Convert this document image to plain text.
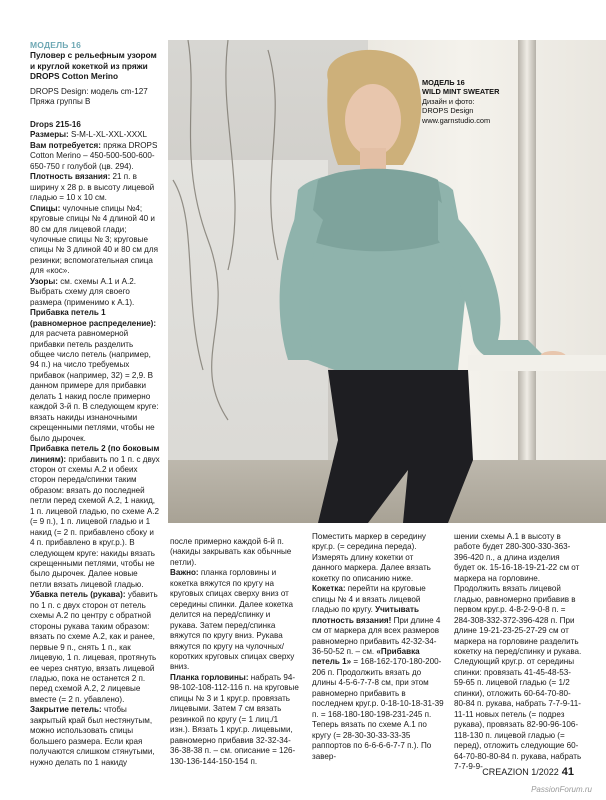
МОДЕЛЬ 16
Пуловер с рельефным узором
и круглой кокеткой из пряжи
DROPS Cotton Merino
DROPS Design: модель cm-127
Пряжа группы B
МОДЕЛЬ 16
WILD MINT SWEATER
Дизайн и фото:
DROPS Design
www.garnstudio.com
Drops 215-16
Размеры: S-M-L-XL-XXL-XXXL
Вам потребуется: пряжа DROPS Cotton Merino – 450-500-500-600-650-750 г голубой (цв. 294).
Плотность вязания: 21 п. в ширину x 28 р. в высоту лицевой гладью = 10 x 10 см.
Спицы: чулочные спицы №4; круговые спицы № 4 длиной 40 и 80 см для лицевой глади; чулочные спицы № 3; круговые спицы № 3 длиной 40 и 80 см для резинки; вспомогательная спица для «кос».
Узоры: см. схемы A.1 и A.2. Выбрать схему для своего размера (применимо к A.1).
Прибавка петель 1 (равномерное распределение): для расчета равномерной прибавки петель разделить общее число петель (например, 94 п.) на число требуемых прибавок (например, 32) = 2,9. В данном примере для прибавки делать 1 накид после примерно каждой 3-й п. В следующем круге: вязать накиды изнаночными скрещенными петлями, чтобы не было дырочек.
Прибавка петель 2 (по боковым линиям): прибавить по 1 п. с двух сторон от схемы A.2 и обеих сторон переда/спинки таким образом: вязать до последней петли перед схемой A.2, 1 накид, 1 п. лицевой гладью, по схеме A.2 (= 9 п.), 1 п. лицевой гладью и 1 накид (= 2 п. прибавлено сбоку и 4 п. прибавлено в круг.р.). В следующем круге: накиды вязать скрещенными петлями, чтобы не было дырочек. Далее новые петли вязать лицевой гладью.
Убавка петель (рукава): убавить по 1 п. с двух сторон от петель схемы A.2 по центру с обратной стороны рукава таким образом: вязать по схеме A.2, как и ранее, первые 9 п., снять 1 п., как лицевую, 1 п. лицевая, протянуть ее через снятую, вязать лицевой гладью, пока не останется 2 п. перед схемой A.2, 2 лицевые вместе (= 2 п. убавлено).
Закрытие петель: чтобы закрытый край был нестянутым, можно использовать спицы большего размера. Если края получаются слишком стянутыми, нужно делать по 1 накиду
после примерно каждой 6-й п. (накиды закрывать как обычные петли).
Важно: планка горловины и кокетка вяжутся по кругу на круговых спицах сверху вниз от середины спинки. Далее кокетка делится на перед/спинку и рукава. Затем перед/спинка вяжутся по кругу вниз. Рукава вяжутся по кругу на чулочных/коротких круговых спицах сверху вниз.
Планка горловины: набрать 94-98-102-108-112-116 п. на круговые спицы № 3 и 1 круг.р. провязать лицевыми. Затем 7 см вязать резинкой по кругу (= 1 лиц./1 изн.). Вязать 1 круг.р. лицевыми, равномерно прибавив 32-32-34-36-38-38 п. – см. описание = 126-130-136-144-150-154 п.
Поместить маркер в середину круг.р. (= середина переда). Измерять длину кокетки от данного маркера. Далее вязать кокетку по описанию ниже.
Кокетка: перейти на круговые спицы № 4 и вязать лицевой гладью по кругу. Учитывать плотность вязания! При длине 4 см от маркера для всех размеров равномерно прибавить 42-32-34-36-50-52 п. – см. «Прибавка петель 1» = 168-162-170-180-200-206 п. Продолжить вязать до длины 4-5-6-7-7-8 см, при этом равномерно прибавить в последнем круг.р. 0-18-10-18-31-39 п. = 168-180-180-198-231-245 п. Теперь вязать по схеме A.1 по кругу (= 28-30-30-33-33-35 раппортов по 6-6-6-6-7-7 п.). По завер-
шении схемы A.1 в высоту в работе будет 280-300-330-363-396-420 п., а длина изделия будет ок. 15-16-18-19-21-22 см от маркера на горловине. Продолжить вязать лицевой гладью, равномерно прибавив в первом круг.р. 4-8-2-9-0-8 п. = 284-308-332-372-396-428 п. При длине 19-21-23-25-27-29 см от маркера на горловине разделить кокетку на перед/спинку и рукава. Следующий круг.р. от середины спинки: провязать 41-45-48-53-59-65 п. лицевой гладью (= 1/2 спинки), отложить 60-64-70-80-80-84 п. рукава, набрать 7-7-9-11-11-11 новых петель (= подрез рукава), провязать 82-90-96-106-118-130 п. лицевой гладью (= перед), отложить следующие 60-64-70-80-80-84 п. рукава, набрать 7-7-9-9-
CREAZION 1/2022 41
PassionForum.ru
